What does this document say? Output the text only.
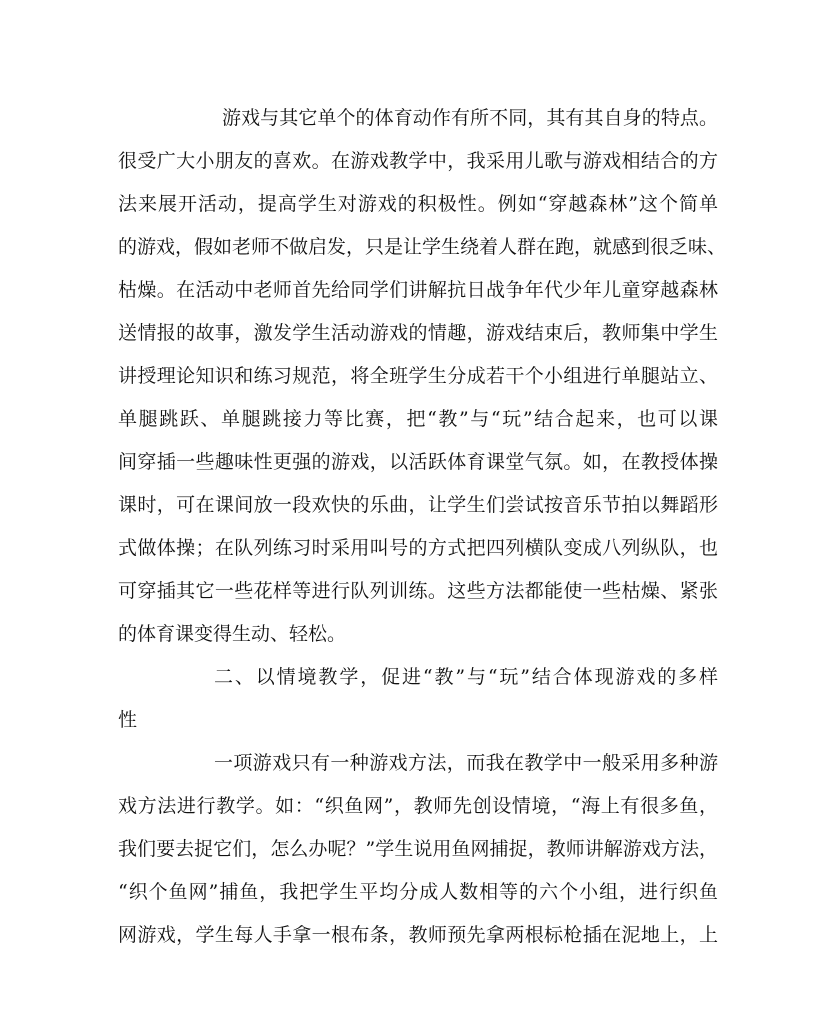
游戏与其它单个的体育动作有所不同，其有其自身的特点。
很受广大小朋友的喜欢。在游戏教学中，我采用儿歌与游戏相结合的方
法来展开活动，提高学生对游戏的积极性。例如“穿越森林”这个简单
的游戏，假如老师不做启发，只是让学生绕着人群在跑，就感到很乏味、
枯燥。在活动中老师首先给同学们讲解抗日战争年代少年儿童穿越森林
送情报的故事，激发学生活动游戏的情趣，游戏结束后，教师集中学生
讲授理论知识和练习规范，将全班学生分成若干个小组进行单腿站立、
单腿跳跃、单腿跳接力等比赛，把“教”与“玩”结合起来，也可以课
间穿插一些趣味性更强的游戏，以活跃体育课堂气氛。如，在教授体操
课时，可在课间放一段欢快的乐曲，让学生们尝试按音乐节拍以舞蹈形
式做体操；在队列练习时采用叫号的方式把四列横队变成八列纵队，也
可穿插其它一些花样等进行队列训练。这些方法都能使一些枯燥、紧张
的体育课变得生动、轻松。
二、以情境教学，促进“教”与“玩”结合体现游戏的多样
性
一项游戏只有一种游戏方法，而我在教学中一般采用多种游
戏方法进行教学。如：“织鱼网”，教师先创设情境，“海上有很多鱼，
我们要去捉它们，怎么办呢？”学生说用鱼网捕捉，教师讲解游戏方法，
“织个鱼网”捕鱼，我把学生平均分成人数相等的六个小组，进行织鱼
网游戏，学生每人手拿一根布条，教师预先拿两根标枪插在泥地上，上
